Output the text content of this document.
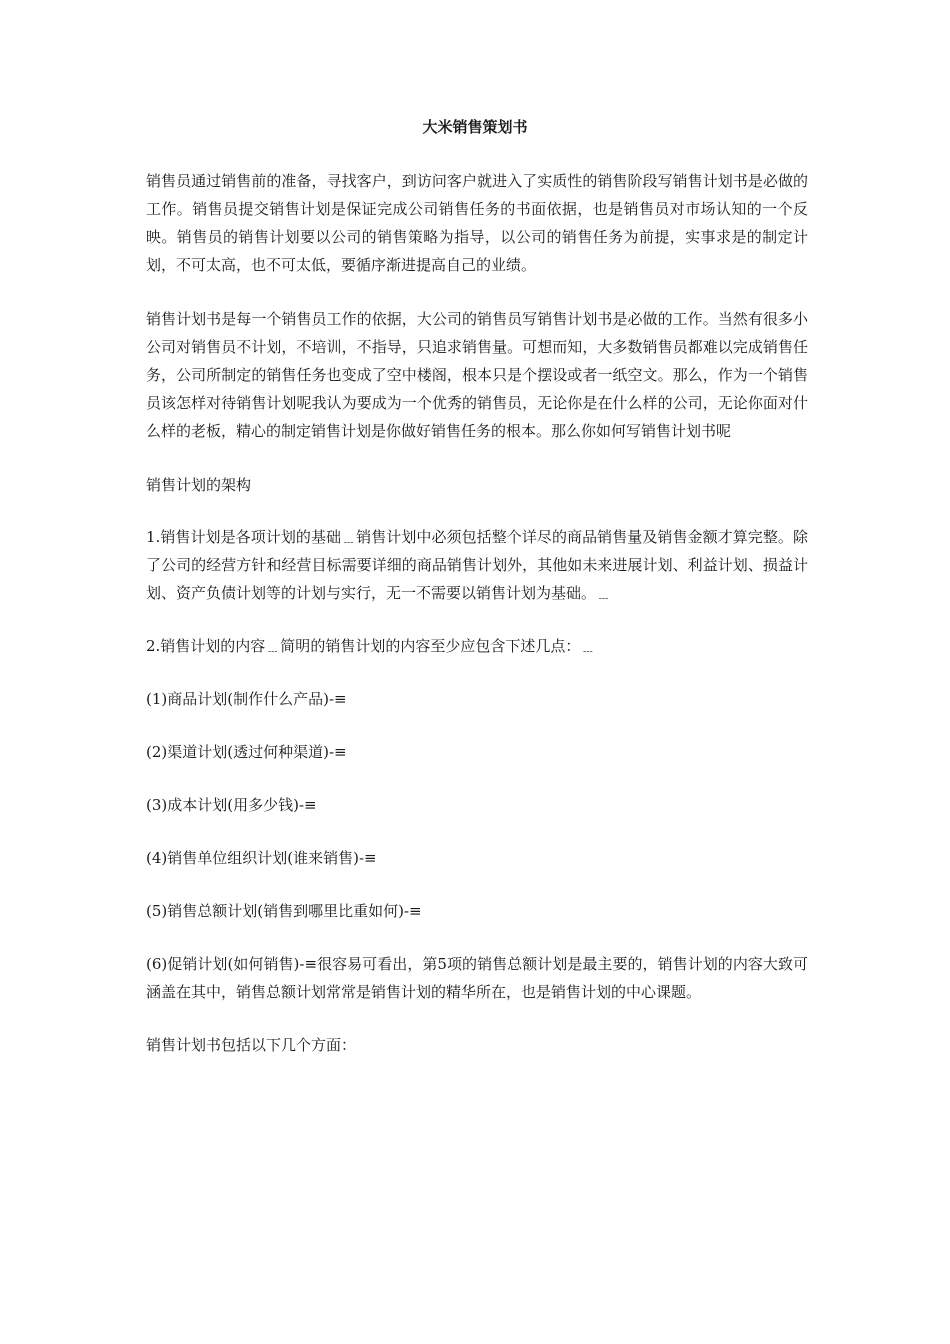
大米销售策划书

销售员通过销售前的准备，寻找客户，到访问客户就进入了实质性的销售阶段写销售计划书是必做的工作。销售员提交销售计划是保证完成公司销售任务的书面依据，也是销售员对市场认知的一个反映。销售员的销售计划要以公司的销售策略为指导，以公司的销售任务为前提，实事求是的制定计划，不可太高，也不可太低，要循序渐进提高自己的业绩。

销售计划书是每一个销售员工作的依据，大公司的销售员写销售计划书是必做的工作。当然有很多小公司对销售员不计划，不培训，不指导，只追求销售量。可想而知，大多数销售员都难以完成销售任务，公司所制定的销售任务也变成了空中楼阁，根本只是个摆设或者一纸空文。那么，作为一个销售员该怎样对待销售计划呢我认为要成为一个优秀的销售员，无论你是在什么样的公司，无论你面对什么样的老板，精心的制定销售计划是你做好销售任务的根本。那么你如何写销售计划书呢

销售计划的架构

1.销售计划是各项计划的基础﹍销售计划中必须包括整个详尽的商品销售量及销售金额才算完整。除了公司的经营方针和经营目标需要详细的商品销售计划外，其他如未来进展计划、利益计划、损益计划、资产负债计划等的计划与实行，无一不需要以销售计划为基础。﹍

2.销售计划的内容﹍简明的销售计划的内容至少应包含下述几点：﹍

(1)商品计划(制作什么产品)-≡

(2)渠道计划(透过何种渠道)-≡

(3)成本计划(用多少钱)-≡

(4)销售单位组织计划(谁来销售)-≡

(5)销售总额计划(销售到哪里比重如何)-≡

(6)促销计划(如何销售)-≡很容易可看出，第5项的销售总额计划是最主要的，销售计划的内容大致可涵盖在其中，销售总额计划常常是销售计划的精华所在，也是销售计划的中心课题。

销售计划书包括以下几个方面：
